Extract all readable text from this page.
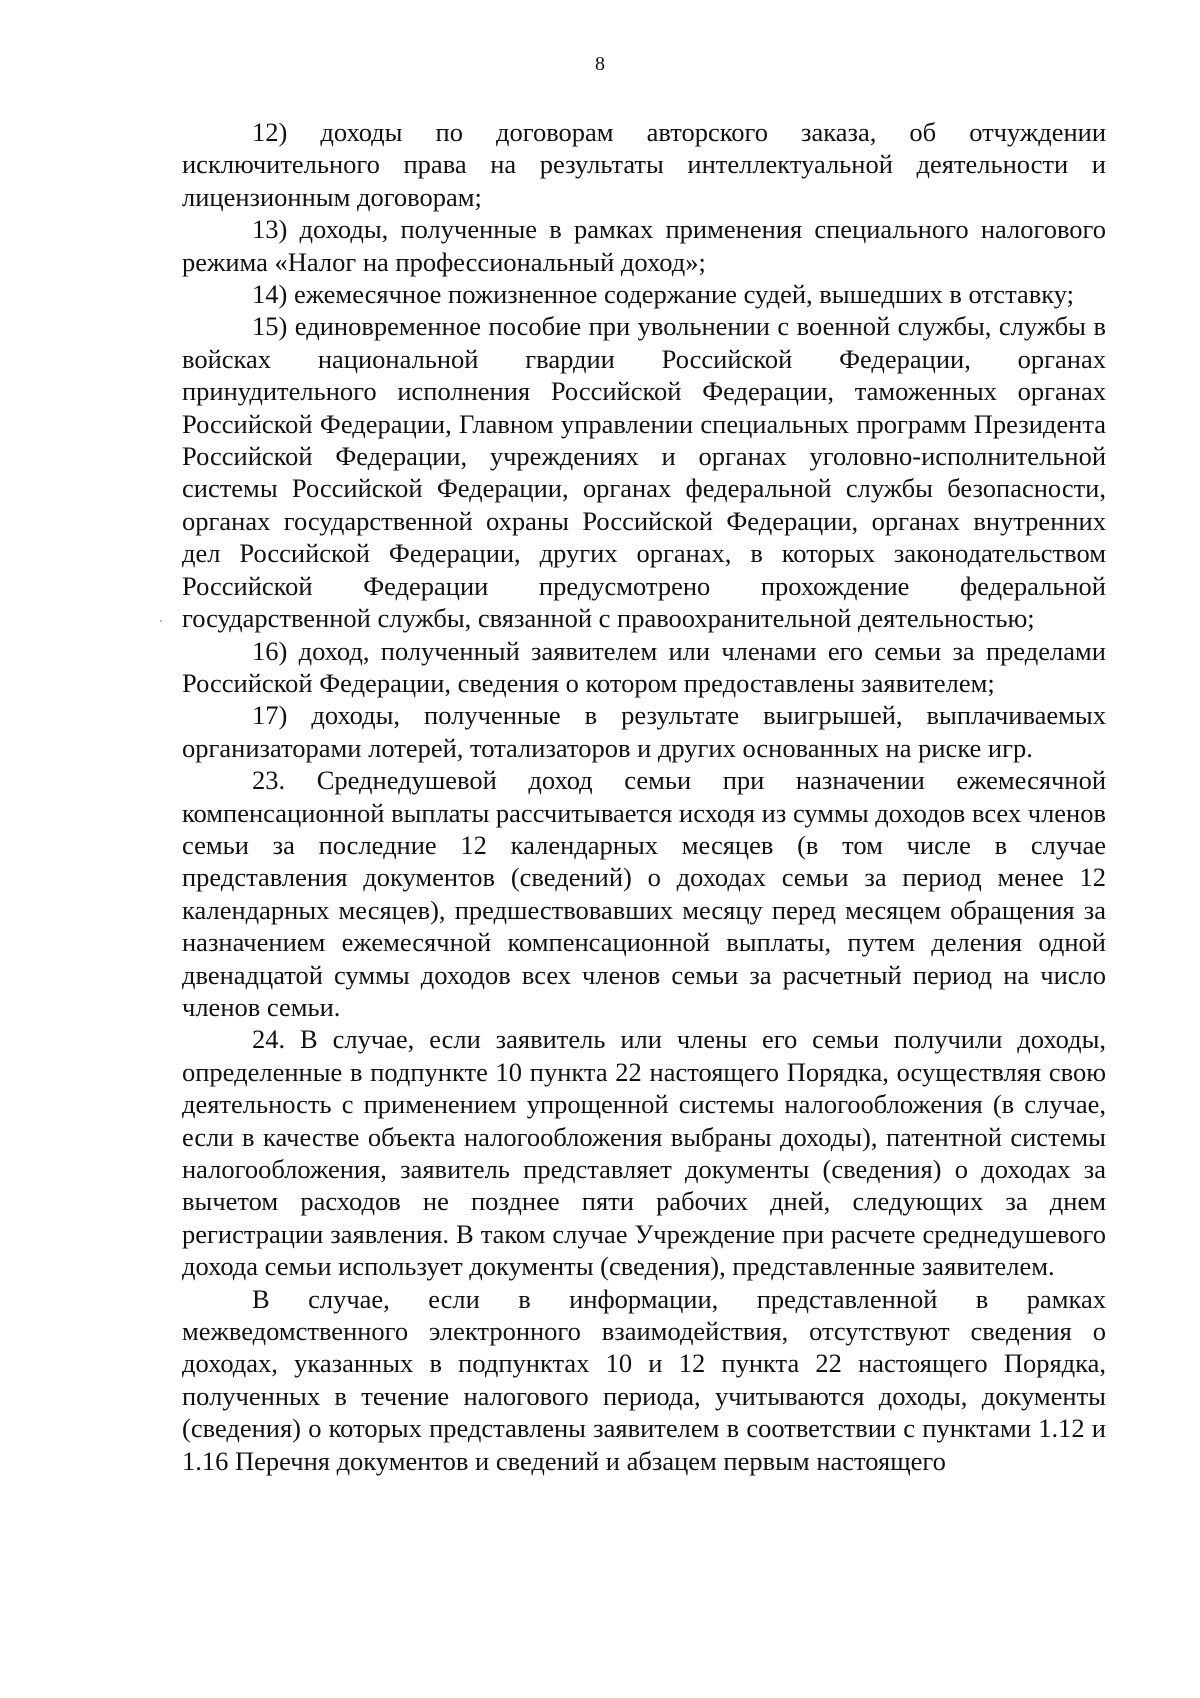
8

12) доходы по договорам авторского заказа, об отчуждении исключительного права на результаты интеллектуальной деятельности и лицензионным договорам;

13) доходы, полученные в рамках применения специального налогового режима «Налог на профессиональный доход»;

14) ежемесячное пожизненное содержание судей, вышедших в отставку;

15) единовременное пособие при увольнении с военной службы, службы в войсках национальной гвардии Российской Федерации, органах принудительного исполнения Российской Федерации, таможенных органах Российской Федерации, Главном управлении специальных программ Президента Российской Федерации, учреждениях и органах уголовно-исполнительной системы Российской Федерации, органах федеральной службы безопасности, органах государственной охраны Российской Федерации, органах внутренних дел Российской Федерации, других органах, в которых законодательством Российской Федерации предусмотрено прохождение федеральной государственной службы, связанной с правоохранительной деятельностью;

16) доход, полученный заявителем или членами его семьи за пределами Российской Федерации, сведения о котором предоставлены заявителем;

17) доходы, полученные в результате выигрышей, выплачиваемых организаторами лотерей, тотализаторов и других основанных на риске игр.

23. Среднедушевой доход семьи при назначении ежемесячной компенсационной выплаты рассчитывается исходя из суммы доходов всех членов семьи за последние 12 календарных месяцев (в том числе в случае представления документов (сведений) о доходах семьи за период менее 12 календарных месяцев), предшествовавших месяцу перед месяцем обращения за назначением ежемесячной компенсационной выплаты, путем деления одной двенадцатой суммы доходов всех членов семьи за расчетный период на число членов семьи.

24. В случае, если заявитель или члены его семьи получили доходы, определенные в подпункте 10 пункта 22 настоящего Порядка, осуществляя свою деятельность с применением упрощенной системы налогообложения (в случае, если в качестве объекта налогообложения выбраны доходы), патентной системы налогообложения, заявитель представляет документы (сведения) о доходах за вычетом расходов не позднее пяти рабочих дней, следующих за днем регистрации заявления. В таком случае Учреждение при расчете среднедушевого дохода семьи использует документы (сведения), представленные заявителем.

В случае, если в информации, представленной в рамках межведомственного электронного взаимодействия, отсутствуют сведения о доходах, указанных в подпунктах 10 и 12 пункта 22 настоящего Порядка, полученных в течение налогового периода, учитываются доходы, документы (сведения) о которых представлены заявителем в соответствии с пунктами 1.12 и 1.16 Перечня документов и сведений и абзацем первым настоящего
